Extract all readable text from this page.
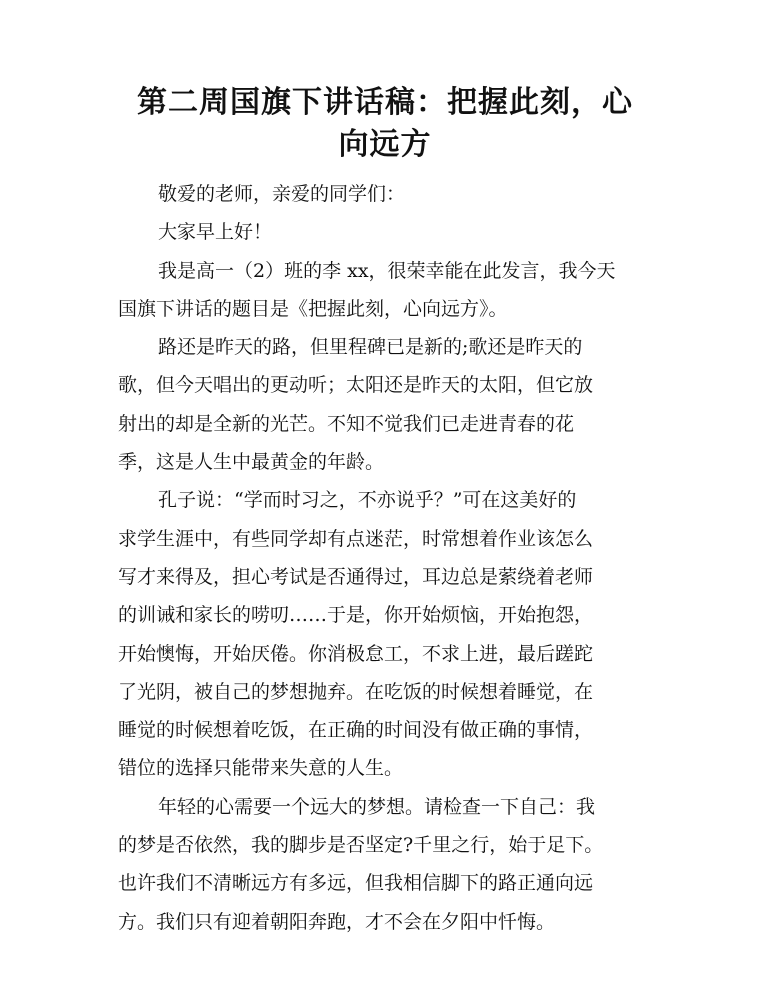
第二周国旗下讲话稿：把握此刻，心
向远方
敬爱的老师，亲爱的同学们：
大家早上好！
我是高一（2）班的李 xx，很荣幸能在此发言，我今天
国旗下讲话的题目是《把握此刻，心向远方》。
路还是昨天的路，但里程碑已是新的;歌还是昨天的
歌，但今天唱出的更动听；太阳还是昨天的太阳，但它放
射出的却是全新的光芒。不知不觉我们已走进青春的花
季，这是人生中最黄金的年龄。
孔子说：“学而时习之，不亦说乎？”可在这美好的
求学生涯中，有些同学却有点迷茫，时常想着作业该怎么
写才来得及，担心考试是否通得过，耳边总是萦绕着老师
的训诫和家长的唠叨……于是，你开始烦恼，开始抱怨，
开始懊悔，开始厌倦。你消极怠工，不求上进，最后蹉跎
了光阴，被自己的梦想抛弃。在吃饭的时候想着睡觉，在
睡觉的时候想着吃饭，在正确的时间没有做正确的事情，
错位的选择只能带来失意的人生。
年轻的心需要一个远大的梦想。请检查一下自己：我
的梦是否依然，我的脚步是否坚定?千里之行，始于足下。
也许我们不清晰远方有多远，但我相信脚下的路正通向远
方。我们只有迎着朝阳奔跑，才不会在夕阳中忏悔。
